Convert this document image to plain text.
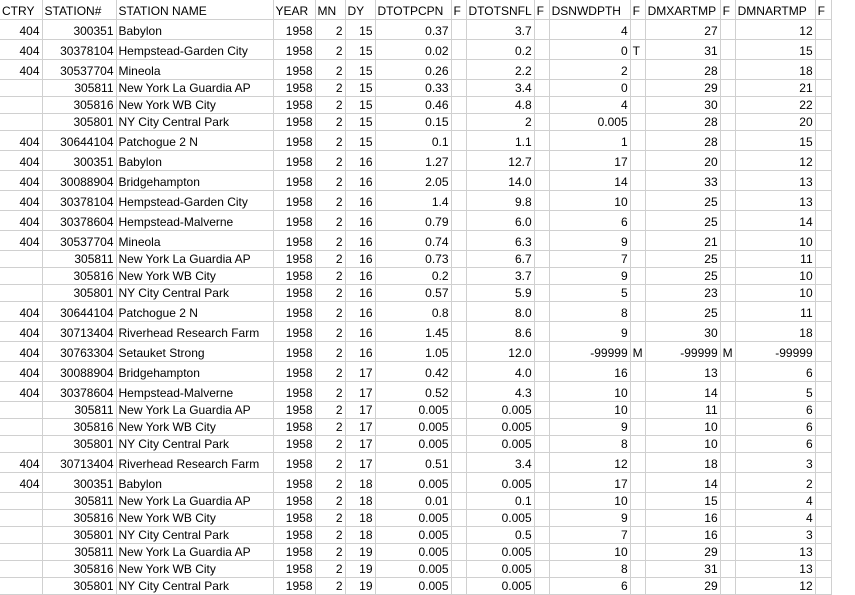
CTRY	STATION#	STATION NAME	YEAR	MN	DY	DTOTPCPN	F	DTOTSNFL	F	DSNWDPTH	F	DMXARTMP	F	DMNARTMP	F
404	300351	Babylon	1958	2	15	0.37		3.7		4		27		12	
404	30378104	Hempstead-Garden City	1958	2	15	0.02		0.2		0	T	31		15	
404	30537704	Mineola	1958	2	15	0.26		2.2		2		28		18	
	305811	New York La Guardia AP	1958	2	15	0.33		3.4		0		29		21	
	305816	New York WB City	1958	2	15	0.46		4.8		4		30		22	
	305801	NY City Central Park	1958	2	15	0.15		2		0.005		28		20	
404	30644104	Patchogue 2 N	1958	2	15	0.1		1.1		1		28		15	
404	300351	Babylon	1958	2	16	1.27		12.7		17		20		12	
404	30088904	Bridgehampton	1958	2	16	2.05		14.0		14		33		13	
404	30378104	Hempstead-Garden City	1958	2	16	1.4		9.8		10		25		13	
404	30378604	Hempstead-Malverne	1958	2	16	0.79		6.0		6		25		14	
404	30537704	Mineola	1958	2	16	0.74		6.3		9		21		10	
	305811	New York La Guardia AP	1958	2	16	0.73		6.7		7		25		11	
	305816	New York WB City	1958	2	16	0.2		3.7		9		25		10	
	305801	NY City Central Park	1958	2	16	0.57		5.9		5		23		10	
404	30644104	Patchogue 2 N	1958	2	16	0.8		8.0		8		25		11	
404	30713404	Riverhead Research Farm	1958	2	16	1.45		8.6		9		30		18	
404	30763304	Setauket Strong	1958	2	16	1.05		12.0		-99999	M	-99999	M	-99999	
404	30088904	Bridgehampton	1958	2	17	0.42		4.0		16		13		6	
404	30378604	Hempstead-Malverne	1958	2	17	0.52		4.3		10		14		5	
	305811	New York La Guardia AP	1958	2	17	0.005		0.005		10		11		6	
	305816	New York WB City	1958	2	17	0.005		0.005		9		10		6	
	305801	NY City Central Park	1958	2	17	0.005		0.005		8		10		6	
404	30713404	Riverhead Research Farm	1958	2	17	0.51		3.4		12		18		3	
404	300351	Babylon	1958	2	18	0.005		0.005		17		14		2	
	305811	New York La Guardia AP	1958	2	18	0.01		0.1		10		15		4	
	305816	New York WB City	1958	2	18	0.005		0.005		9		16		4	
	305801	NY City Central Park	1958	2	18	0.005		0.5		7		16		3	
	305811	New York La Guardia AP	1958	2	19	0.005		0.005		10		29		13	
	305816	New York WB City	1958	2	19	0.005		0.005		8		31		13	
	305801	NY City Central Park	1958	2	19	0.005		0.005		6		29		12	
